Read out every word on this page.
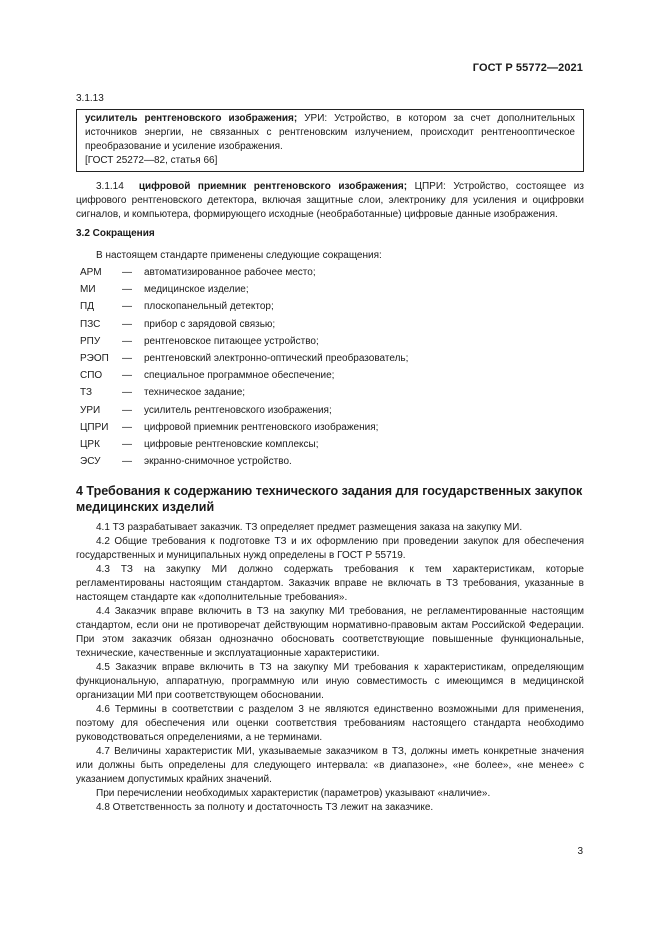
ГОСТ Р 55772—2021
3.1.13
усилитель рентгеновского изображения; УРИ: Устройство, в котором за счет дополнительных источников энергии, не связанных с рентгеновским излучением, происходит рентгенооптическое преобразование и усиление изображения.
[ГОСТ 25272—82, статья 66]

3.1.14 цифровой приемник рентгеновского изображения; ЦПРИ: Устройство, состоящее из цифрового рентгеновского детектора, включая защитные слои, электронику для усиления и оцифровки сигналов, и компьютера, формирующего исходные (необработанные) цифровые данные изображения.

3.2 Сокращения

В настоящем стандарте применены следующие сокращения:

АРМ	—	автоматизированное рабочее место;
МИ	—	медицинское изделие;
ПД	—	плоскопанельный детектор;
ПЗС	—	прибор с зарядовой связью;
РПУ	—	рентгеновское питающее устройство;
РЭОП	—	рентгеновский электронно-оптический преобразователь;
СПО	—	специальное программное обеспечение;
ТЗ	—	техническое задание;
УРИ	—	усилитель рентгеновского изображения;
ЦПРИ	—	цифровой приемник рентгеновского изображения;
ЦРК	—	цифровые рентгеновские комплексы;
ЭСУ	—	экранно-снимочное устройство.
4 Требования к содержанию технического задания для государственных закупок медицинских изделий

4.1 ТЗ разрабатывает заказчик. ТЗ определяет предмет размещения заказа на закупку МИ.

4.2 Общие требования к подготовке ТЗ и их оформлению при проведении закупок для обеспечения государственных и муниципальных нужд определены в ГОСТ Р 55719.

4.3 ТЗ на закупку МИ должно содержать требования к тем характеристикам, которые регламентированы настоящим стандартом. Заказчик вправе не включать в ТЗ требования, указанные в настоящем стандарте как «дополнительные требования».

4.4 Заказчик вправе включить в ТЗ на закупку МИ требования, не регламентированные настоящим стандартом, если они не противоречат действующим нормативно-правовым актам Российской Федерации. При этом заказчик обязан однозначно обосновать соответствующие повышенные функциональные, технические, качественные и эксплуатационные характеристики.

4.5 Заказчик вправе включить в ТЗ на закупку МИ требования к характеристикам, определяющим функциональную, аппаратную, программную или иную совместимость с имеющимся в медицинской организации МИ при соответствующем обосновании.

4.6 Термины в соответствии с разделом 3 не являются единственно возможными для применения, поэтому для обеспечения или оценки соответствия требованиям настоящего стандарта необходимо руководствоваться определениями, а не терминами.

4.7 Величины характеристик МИ, указываемые заказчиком в ТЗ, должны иметь конкретные значения или должны быть определены для следующего интервала: «в диапазоне», «не более», «не менее» с указанием допустимых крайних значений.

При перечислении необходимых характеристик (параметров) указывают «наличие».

4.8 Ответственность за полноту и достаточность ТЗ лежит на заказчике.

3
